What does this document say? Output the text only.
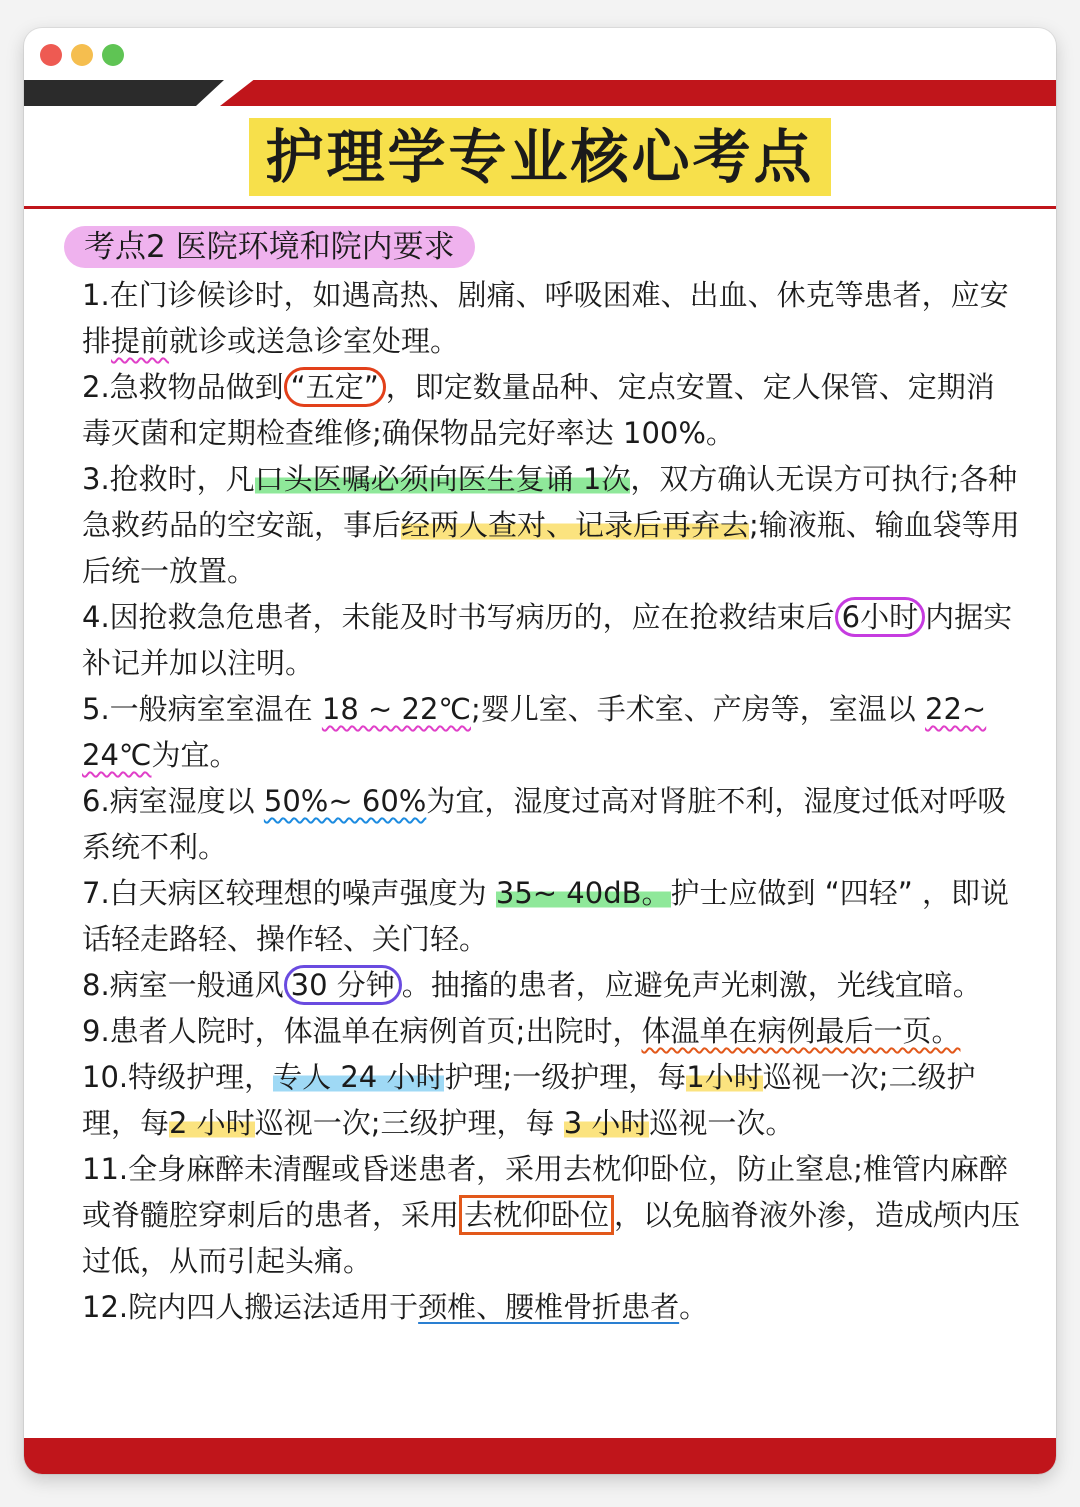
护理学专业核心考点
考点2 医院环境和院内要求

1.在门诊候诊时，如遇高热、剧痛、呼吸困难、出血、休克等患者，应安排提前就诊或送急诊室处理。

2.急救物品做到 “五定” ，即定数量品种、定点安置、定人保管、定期消毒灭菌和定期检查维修;确保物品完好率达 100%。

3.抢救时，凡口头医嘱必须向医生复诵 1次，双方确认无误方可执行;各种急救药品的空安瓿，事后经两人查对、记录后再弃去;输液瓶、输血袋等用后统一放置。

4.因抢救急危患者，未能及时书写病历的，应在抢救结束后 6小时 内据实补记并加以注明。

5.一般病室室温在 18 ~ 22℃;婴儿室、手术室、产房等，室温以 22~ 24℃为宜。

6.病室湿度以 50%~ 60%为宜，湿度过高对肾脏不利，湿度过低对呼吸系统不利。

7.白天病区较理想的噪声强度为 35~ 40dB。护士应做到 “四轻” ，即说话轻走路轻、操作轻、关门轻。

8.病室一般通风 30 分钟 。抽搐的患者，应避免声光刺激，光线宜暗。

9.患者人院时，体温单在病例首页;出院时，体温单在病例最后一页。

10.特级护理，专人 24 小时护理;一级护理，每1小时巡视一次;二级护理，每2 小时巡视一次;三级护理，每 3 小时巡视一次。

11.全身麻醉未清醒或昏迷患者，采用去枕仰卧位，防止窒息;椎管内麻醉或脊髓腔穿刺后的患者，采用 去枕仰卧位 ，以免脑脊液外渗，造成颅内压过低，从而引起头痛。

12.院内四人搬运法适用于颈椎、腰椎骨折患者。
